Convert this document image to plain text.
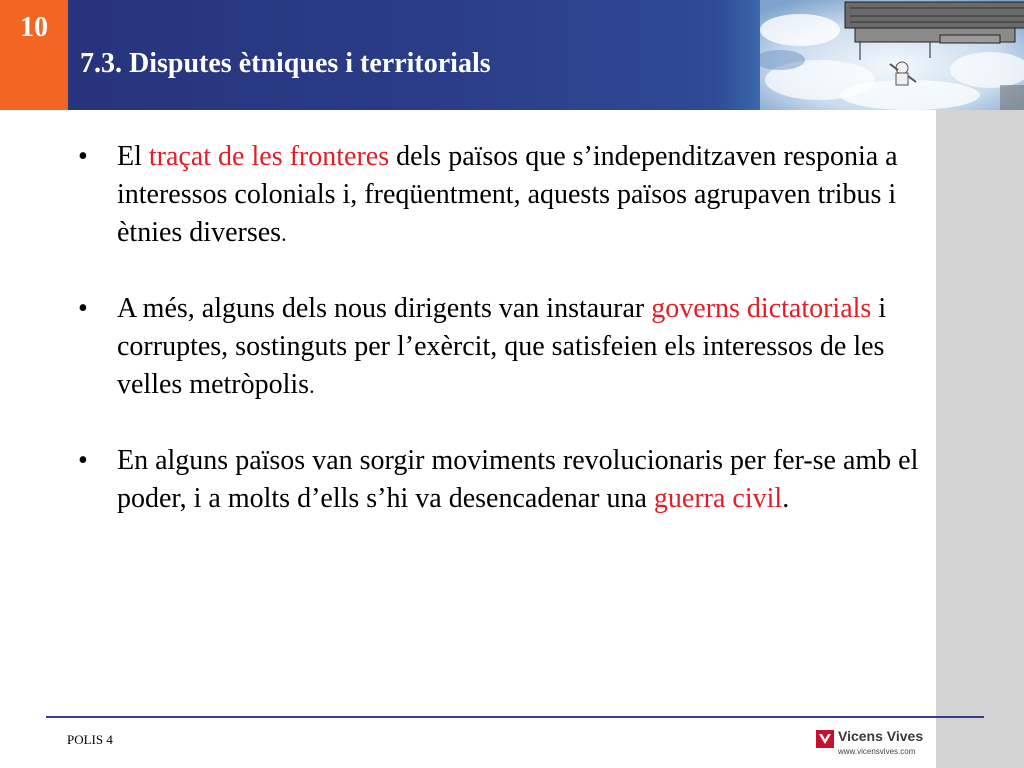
10
7.3. Disputes ètniques i territorials
• El traçat de les fronteres dels països que s’independitzaven responia a interessos colonials i, freqüentment, aquests països agrupaven tribus i ètnies diverses.
• A més, alguns dels nous dirigents van instaurar governs dictatorials i corruptes, sostinguts per l’exèrcit, que satisfeien els interessos de les velles metròpolis.
• En alguns països van sorgir moviments revolucionaris per fer-se amb el poder, i a molts d’ells s’hi va desencadenar una guerra civil.
POLIS 4	Vicens Vives
www.vicensvives.com
